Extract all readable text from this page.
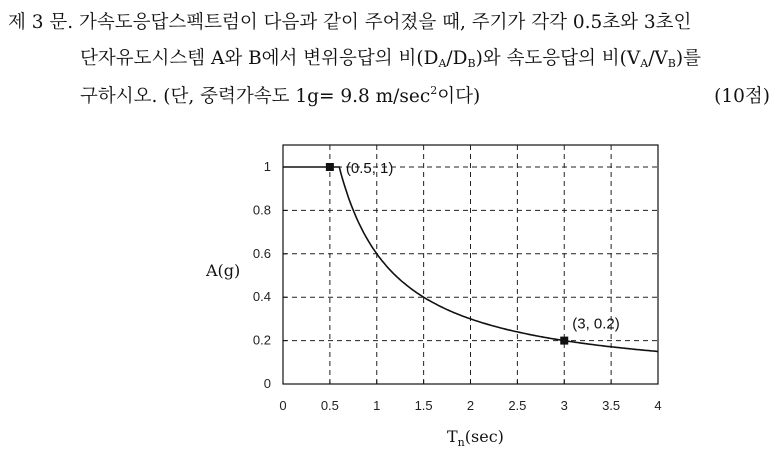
제 3 문. 가속도응답스펙트럼이 다음과 같이 주어졌을 때, 주기가 각각 0.5초와 3초인
단자유도시스템 A와 B에서 변위응답의 비$(D_A/D_B)$와 속도응답의 비$(V_A/V_B)$를
구하시오. (단, 중력가속도 1g= 9.8 $m/\sec^2$이다)	(10점)
0	0.5	1	1.5	2	2.5	3	3.5	4
0
0.2
0.4
0.6
0.8
1	(0.5, 1)
(3, 0.2)
A(g)
$T_n(\sec)$
